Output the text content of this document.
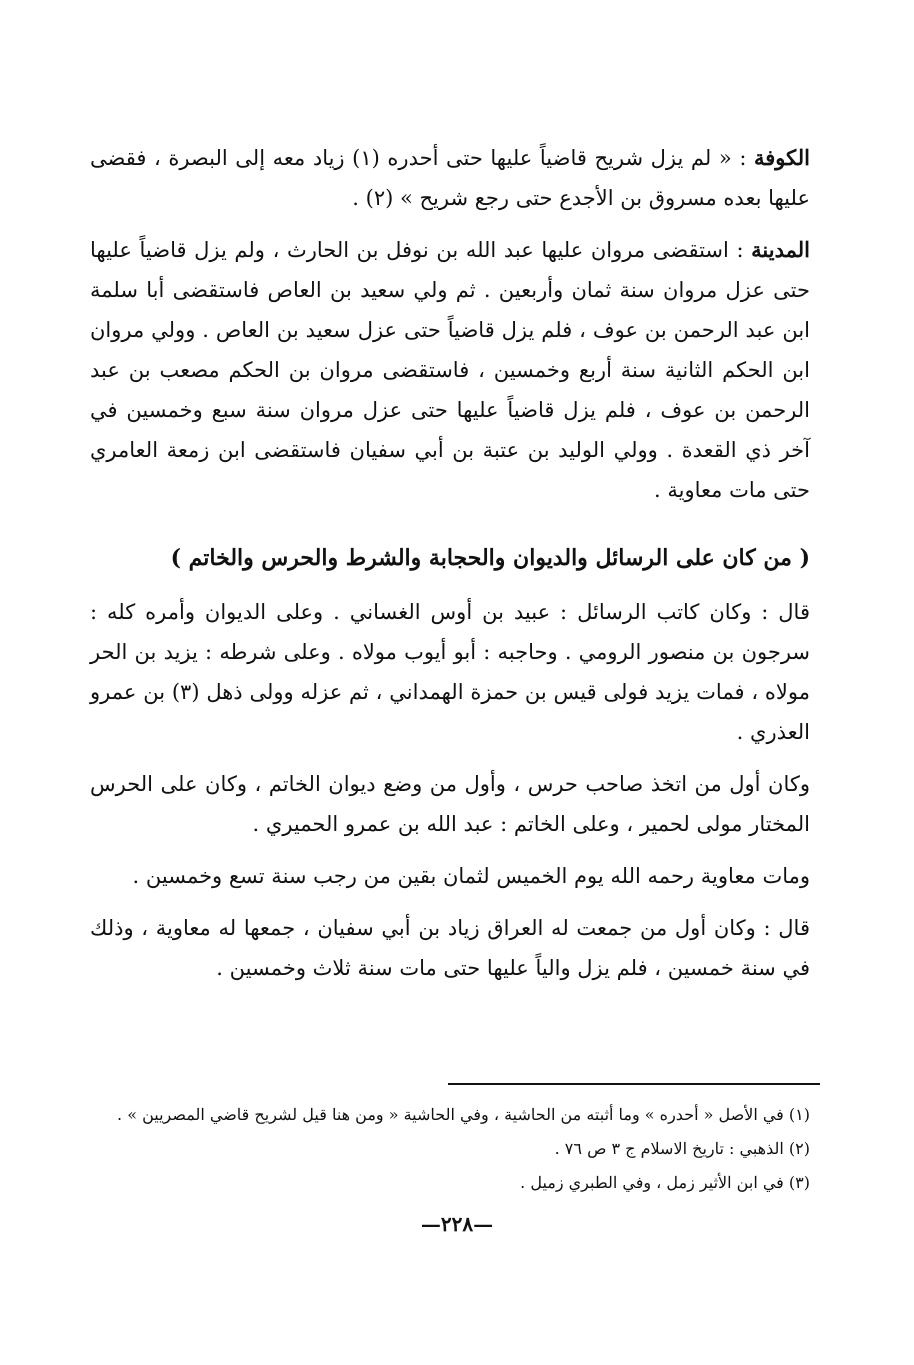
الكوفة : « لم يزل شريح قاضياً عليها حتى أحدره (١) زياد معه إلى البصرة ، فقضى عليها بعده مسروق بن الأجدع حتى رجع شريح » (٢) .

المدينة : استقضى مروان عليها عبد الله بن نوفل بن الحارث ، ولم يزل قاضياً عليها حتى عزل مروان سنة ثمان وأربعين . ثم ولي سعيد بن العاص فاستقضى أبا سلمة ابن عبد الرحمن بن عوف ، فلم يزل قاضياً حتى عزل سعيد بن العاص . وولي مروان ابن الحكم الثانية سنة أربع وخمسين ، فاستقضى مروان بن الحكم مصعب بن عبد الرحمن بن عوف ، فلم يزل قاضياً عليها حتى عزل مروان سنة سبع وخمسين في آخر ذي القعدة . وولي الوليد بن عتبة بن أبي سفيان فاستقضى ابن زمعة العامري حتى مات معاوية .

( من كان على الرسائل والديوان والحجابة والشرط والحرس والخاتم )

قال : وكان كاتب الرسائل : عبيد بن أوس الغساني . وعلى الديوان وأمره كله : سرجون بن منصور الرومي . وحاجبه : أبو أيوب مولاه . وعلى شرطه : يزيد بن الحر مولاه ، فمات يزيد فولى قيس بن حمزة الهمداني ، ثم عزله وولى ذهل (٣) بن عمرو العذري .

وكان أول من اتخذ صاحب حرس ، وأول من وضع ديوان الخاتم ، وكان على الحرس المختار مولى لحمير ، وعلى الخاتم : عبد الله بن عمرو الحميري .

ومات معاوية رحمه الله يوم الخميس لثمان بقين من رجب سنة تسع وخمسين .

قال : وكان أول من جمعت له العراق زياد بن أبي سفيان ، جمعها له معاوية ، وذلك في سنة خمسين ، فلم يزل والياً عليها حتى مات سنة ثلاث وخمسين .

(١) في الأصل « أحدره » وما أثبته من الحاشية ، وفي الحاشية « ومن هنا قيل لشريح قاضي المصريين » .

(٢) الذهبي : تاريخ الاسلام ج ٣ ص ٧٦ .

(٣) في ابن الأثير زمل ، وفي الطبري زميل .

—٢٢٨—
